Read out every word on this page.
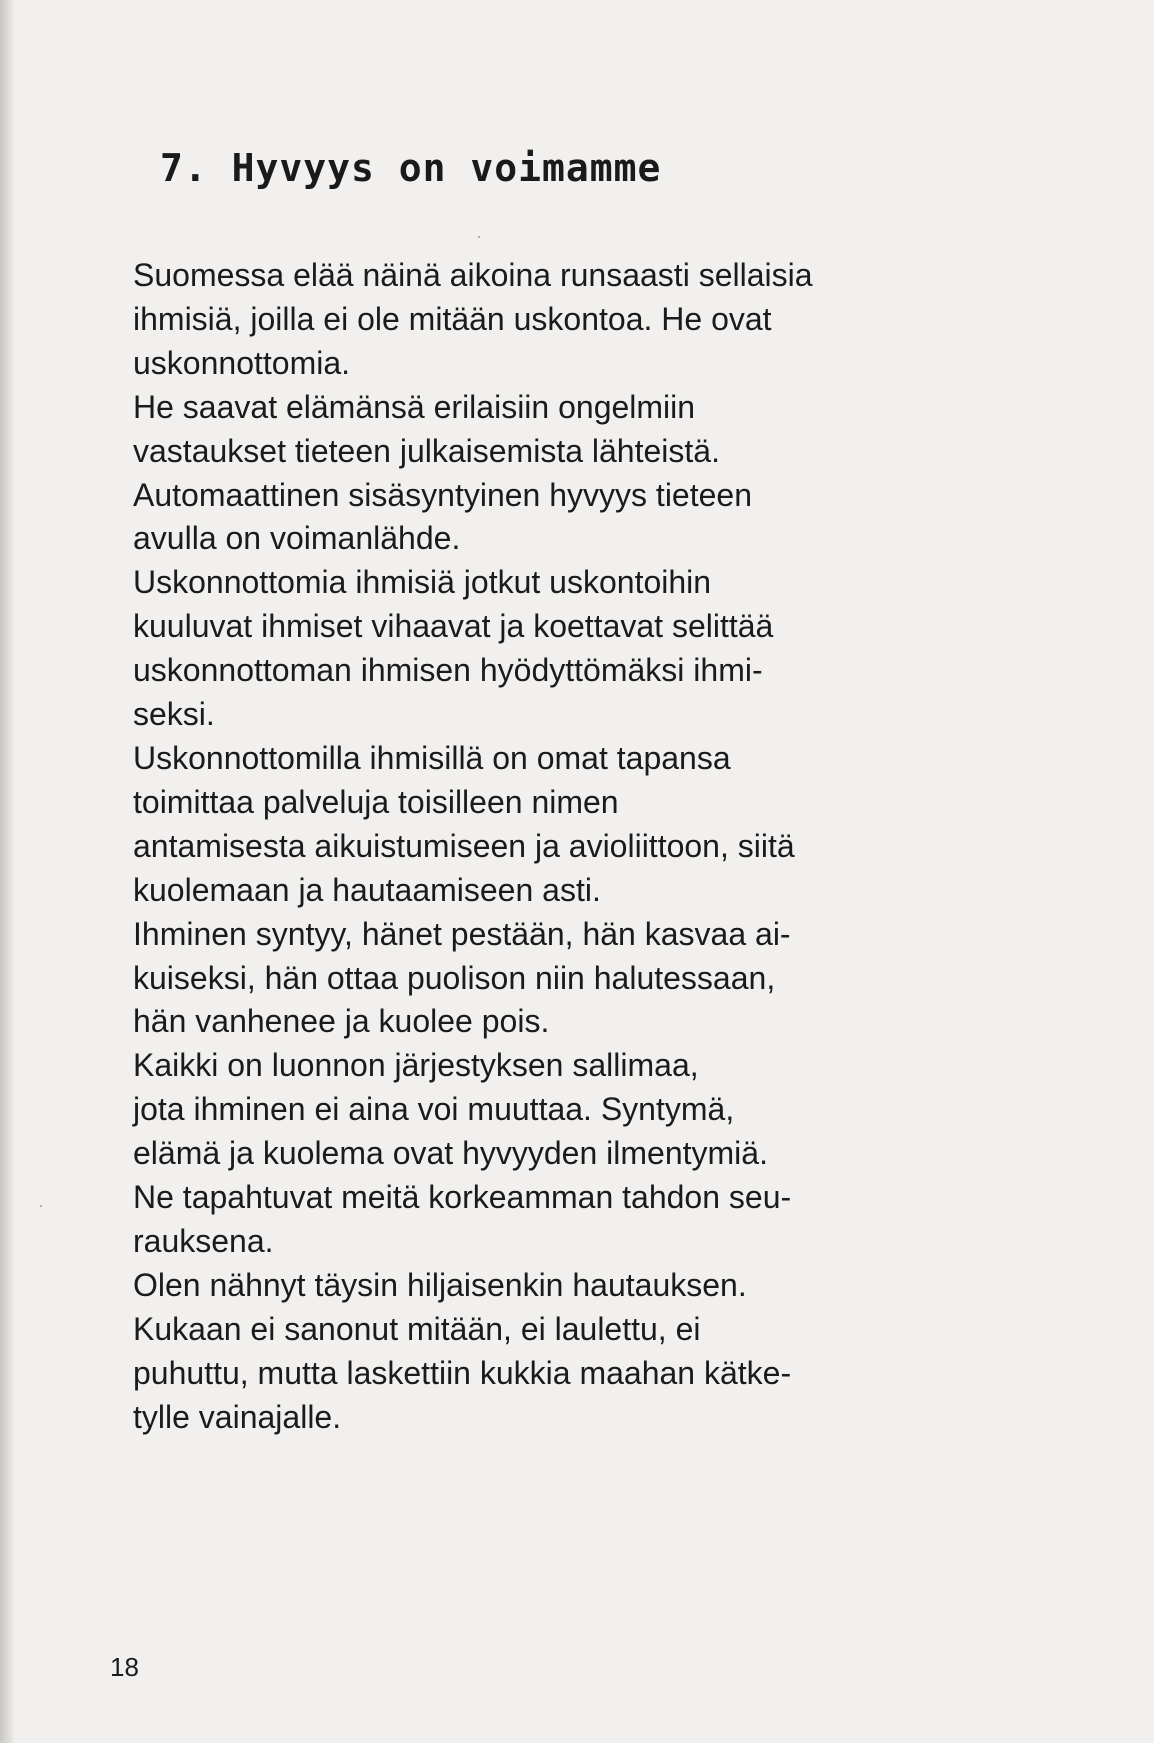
7. Hyvyys on voimamme
Suomessa elää näinä aikoina runsaasti sellaisia
ihmisiä, joilla ei ole mitään uskontoa. He ovat
uskonnottomia.
He saavat elämänsä erilaisiin ongelmiin
vastaukset tieteen julkaisemista lähteistä.
Automaattinen sisäsyntyinen hyvyys tieteen
avulla on voimanlähde.
Uskonnottomia ihmisiä jotkut uskontoihin
kuuluvat ihmiset vihaavat ja koettavat selittää
uskonnottoman ihmisen hyödyttömäksi ihmi-
seksi.
Uskonnottomilla ihmisillä on omat tapansa
toimittaa palveluja toisilleen nimen
antamisesta aikuistumiseen ja avioliittoon, siitä
kuolemaan ja hautaamiseen asti.
Ihminen syntyy, hänet pestään, hän kasvaa ai-
kuiseksi, hän ottaa puolison niin halutessaan,
hän vanhenee ja kuolee pois.
Kaikki on luonnon järjestyksen sallimaa,
jota ihminen ei aina voi muuttaa. Syntymä,
elämä ja kuolema ovat hyvyyden ilmentymiä.
Ne tapahtuvat meitä korkeamman tahdon seu-
rauksena.
Olen nähnyt täysin hiljaisenkin hautauksen.
Kukaan ei sanonut mitään, ei laulettu, ei
puhuttu, mutta laskettiin kukkia maahan kätke-
tylle vainajalle.
18
